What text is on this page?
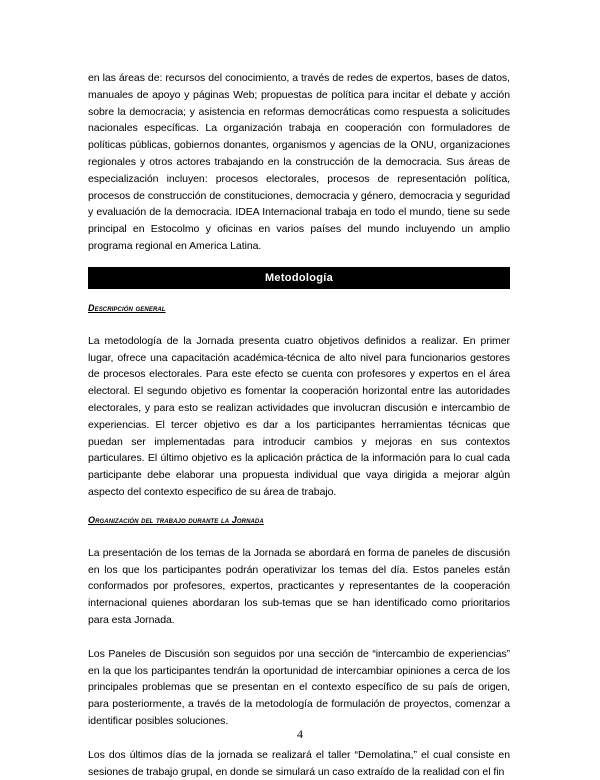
en las áreas de: recursos del conocimiento, a través de redes de expertos, bases de datos, manuales de apoyo y páginas Web; propuestas de política para incitar el debate y acción sobre la democracia; y asistencia en reformas democráticas como respuesta a solicitudes nacionales específicas. La organización trabaja en cooperación con formuladores de políticas públicas, gobiernos donantes, organismos y agencias de la ONU, organizaciones regionales y otros actores trabajando en la construcción de la democracia. Sus áreas de especialización incluyen: procesos electorales, procesos de representación política, procesos de construcción de constituciones, democracia y género, democracia y seguridad y evaluación de la democracia. IDEA Internacional trabaja en todo el mundo, tiene su sede principal en Estocolmo y oficinas en varios países del mundo incluyendo un amplio programa regional en America Latina.

Metodología
Descripción general

La metodología de la Jornada presenta cuatro objetivos definidos a realizar. En primer lugar, ofrece una capacitación académica-técnica de alto nivel para funcionarios gestores de procesos electorales. Para este efecto se cuenta con profesores y expertos en el área electoral. El segundo objetivo es fomentar la cooperación horizontal entre las autoridades electorales, y para esto se realizan actividades que involucran discusión e intercambio de experiencias. El tercer objetivo es dar a los participantes herramientas técnicas que puedan ser implementadas para introducir cambios y mejoras en sus contextos particulares. El último objetivo es la aplicación práctica de la información para lo cual cada participante debe elaborar una propuesta individual que vaya dirigida a mejorar algún aspecto del contexto especifico de su área de trabajo.

Organización del trabajo durante la Jornada

La presentación de los temas de la Jornada se abordará en forma de paneles de discusión en los que los participantes podrán operativizar los temas del día. Estos paneles están conformados por profesores, expertos, practicantes y representantes de la cooperación internacional quienes abordaran los sub-temas que se han identificado como prioritarios para esta Jornada.

Los Paneles de Discusión son seguidos por una sección de “intercambio de experiencias” en la que los participantes tendrán la oportunidad de intercambiar opiniones a cerca de los principales problemas que se presentan en el contexto específico de su país de origen, para posteriormente, a través de la metodología de formulación de proyectos, comenzar a identificar posibles soluciones.

Los dos últimos días de la jornada se realizará el taller “Demolatina,” el cual consiste en sesiones de trabajo grupal, en donde se simulará un caso extraído de la realidad con el fin

4
